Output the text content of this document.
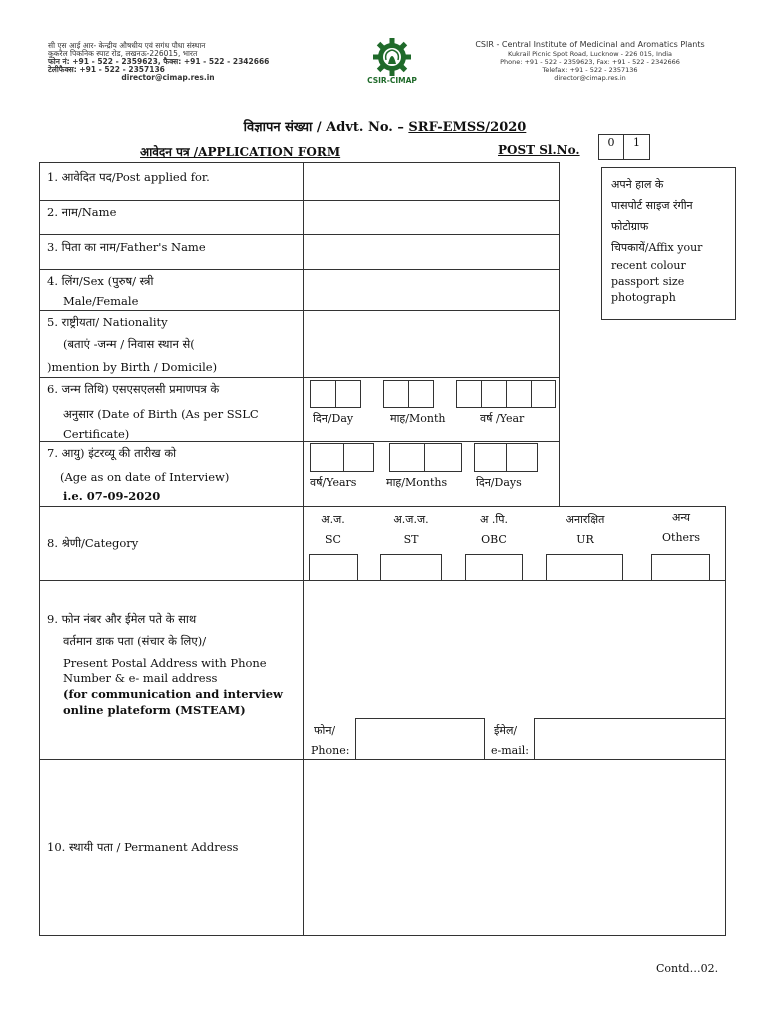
सी एस आई आर- केन्द्रीय औषधीय एवं सगंध पौधा संस्थान
कुकरैल पिकनिक स्पाट रोड, लखनऊ-226015, भारत
फोन नं: +91 - 522 - 2359623, फैक्स: +91 - 522 - 2342666
टेलीफैक्स: +91 - 522 - 2357136
director@cimap.res.in	CSIR-CIMAP
CSIR - Central Institute of Medicinal and Aromatics Plants
Kukrail Picnic Spot Road, Lucknow - 226 015, India
Phone: +91 - 522 - 2359623, Fax: +91 - 522 - 2342666
Telefax: +91 - 522 - 2357136
director@cimap.res.in
विज्ञापन संख्या / Advt. No. – SRF-EMSS/2020
आवेदन पत्र /APPLICATION FORM	POST Sl.No.
0	1
अपने हाल के
पासपोर्ट साइज रंगीन
फोटोग्राफ
चिपकायें/Affix your
recent colour
passport size
photograph
1. आवेदित पद/Post applied for.
2. नाम/Name
3. पिता का नाम/Father's Name
4. लिंग/Sex (पुरुष/ स्त्री
Male/Female
5. राष्ट्रीयता/ Nationality
(बताएं -जन्म / निवास स्थान से(
)mention by Birth / Domicile)
6. जन्म तिथि) एसएसएलसी प्रमाणपत्र के
अनुसार (Date of Birth (As per SSLC
Certificate)
दिन/Day	माह/Month	वर्ष /Year
7. आयु) इंटरव्यू की तारीख को
(Age as on date of Interview)
i.e. 07-09-2020
वर्ष/Years	माह/Months	दिन/Days
8. श्रेणी/Category
अ.ज.
SC
अ.ज.ज.
ST
अ .पि.
OBC
अनारक्षित
UR
अन्य
Others
9. फोन नंबर और ईमेल पते के साथ
वर्तमान डाक पता (संचार के लिए)/
Present Postal Address with Phone
Number & e- mail address
(for communication and interview
online plateform (MSTEAM)
फोन/
Phone:
ईमेल/
e-mail:
10. स्थायी पता / Permanent Address
Contd…02.
